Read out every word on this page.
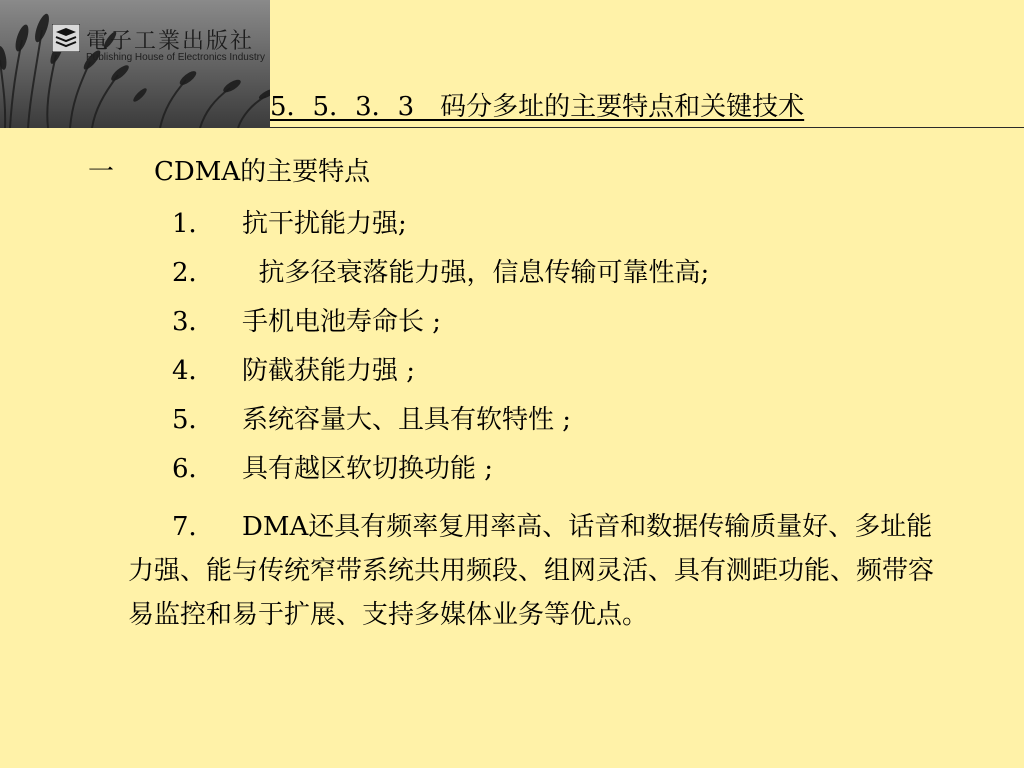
電子工業出版社
Publishing House of Electronics Industry
5．5．3．3　码分多址的主要特点和关键技术
一 CDMA的主要特点
1． 抗干扰能力强;
2．  抗多径衰落能力强，信息传输可靠性高;
3． 手机电池寿命长 ;
4． 防截获能力强 ;
5． 系统容量大、且具有软特性 ;
6． 具有越区软切换功能 ;
7． DMA还具有频率复用率高、话音和数据传输质量好、多址能力强、能与传统窄带系统共用频段、组网灵活、具有测距功能、频带容易监控和易于扩展、支持多媒体业务等优点。
